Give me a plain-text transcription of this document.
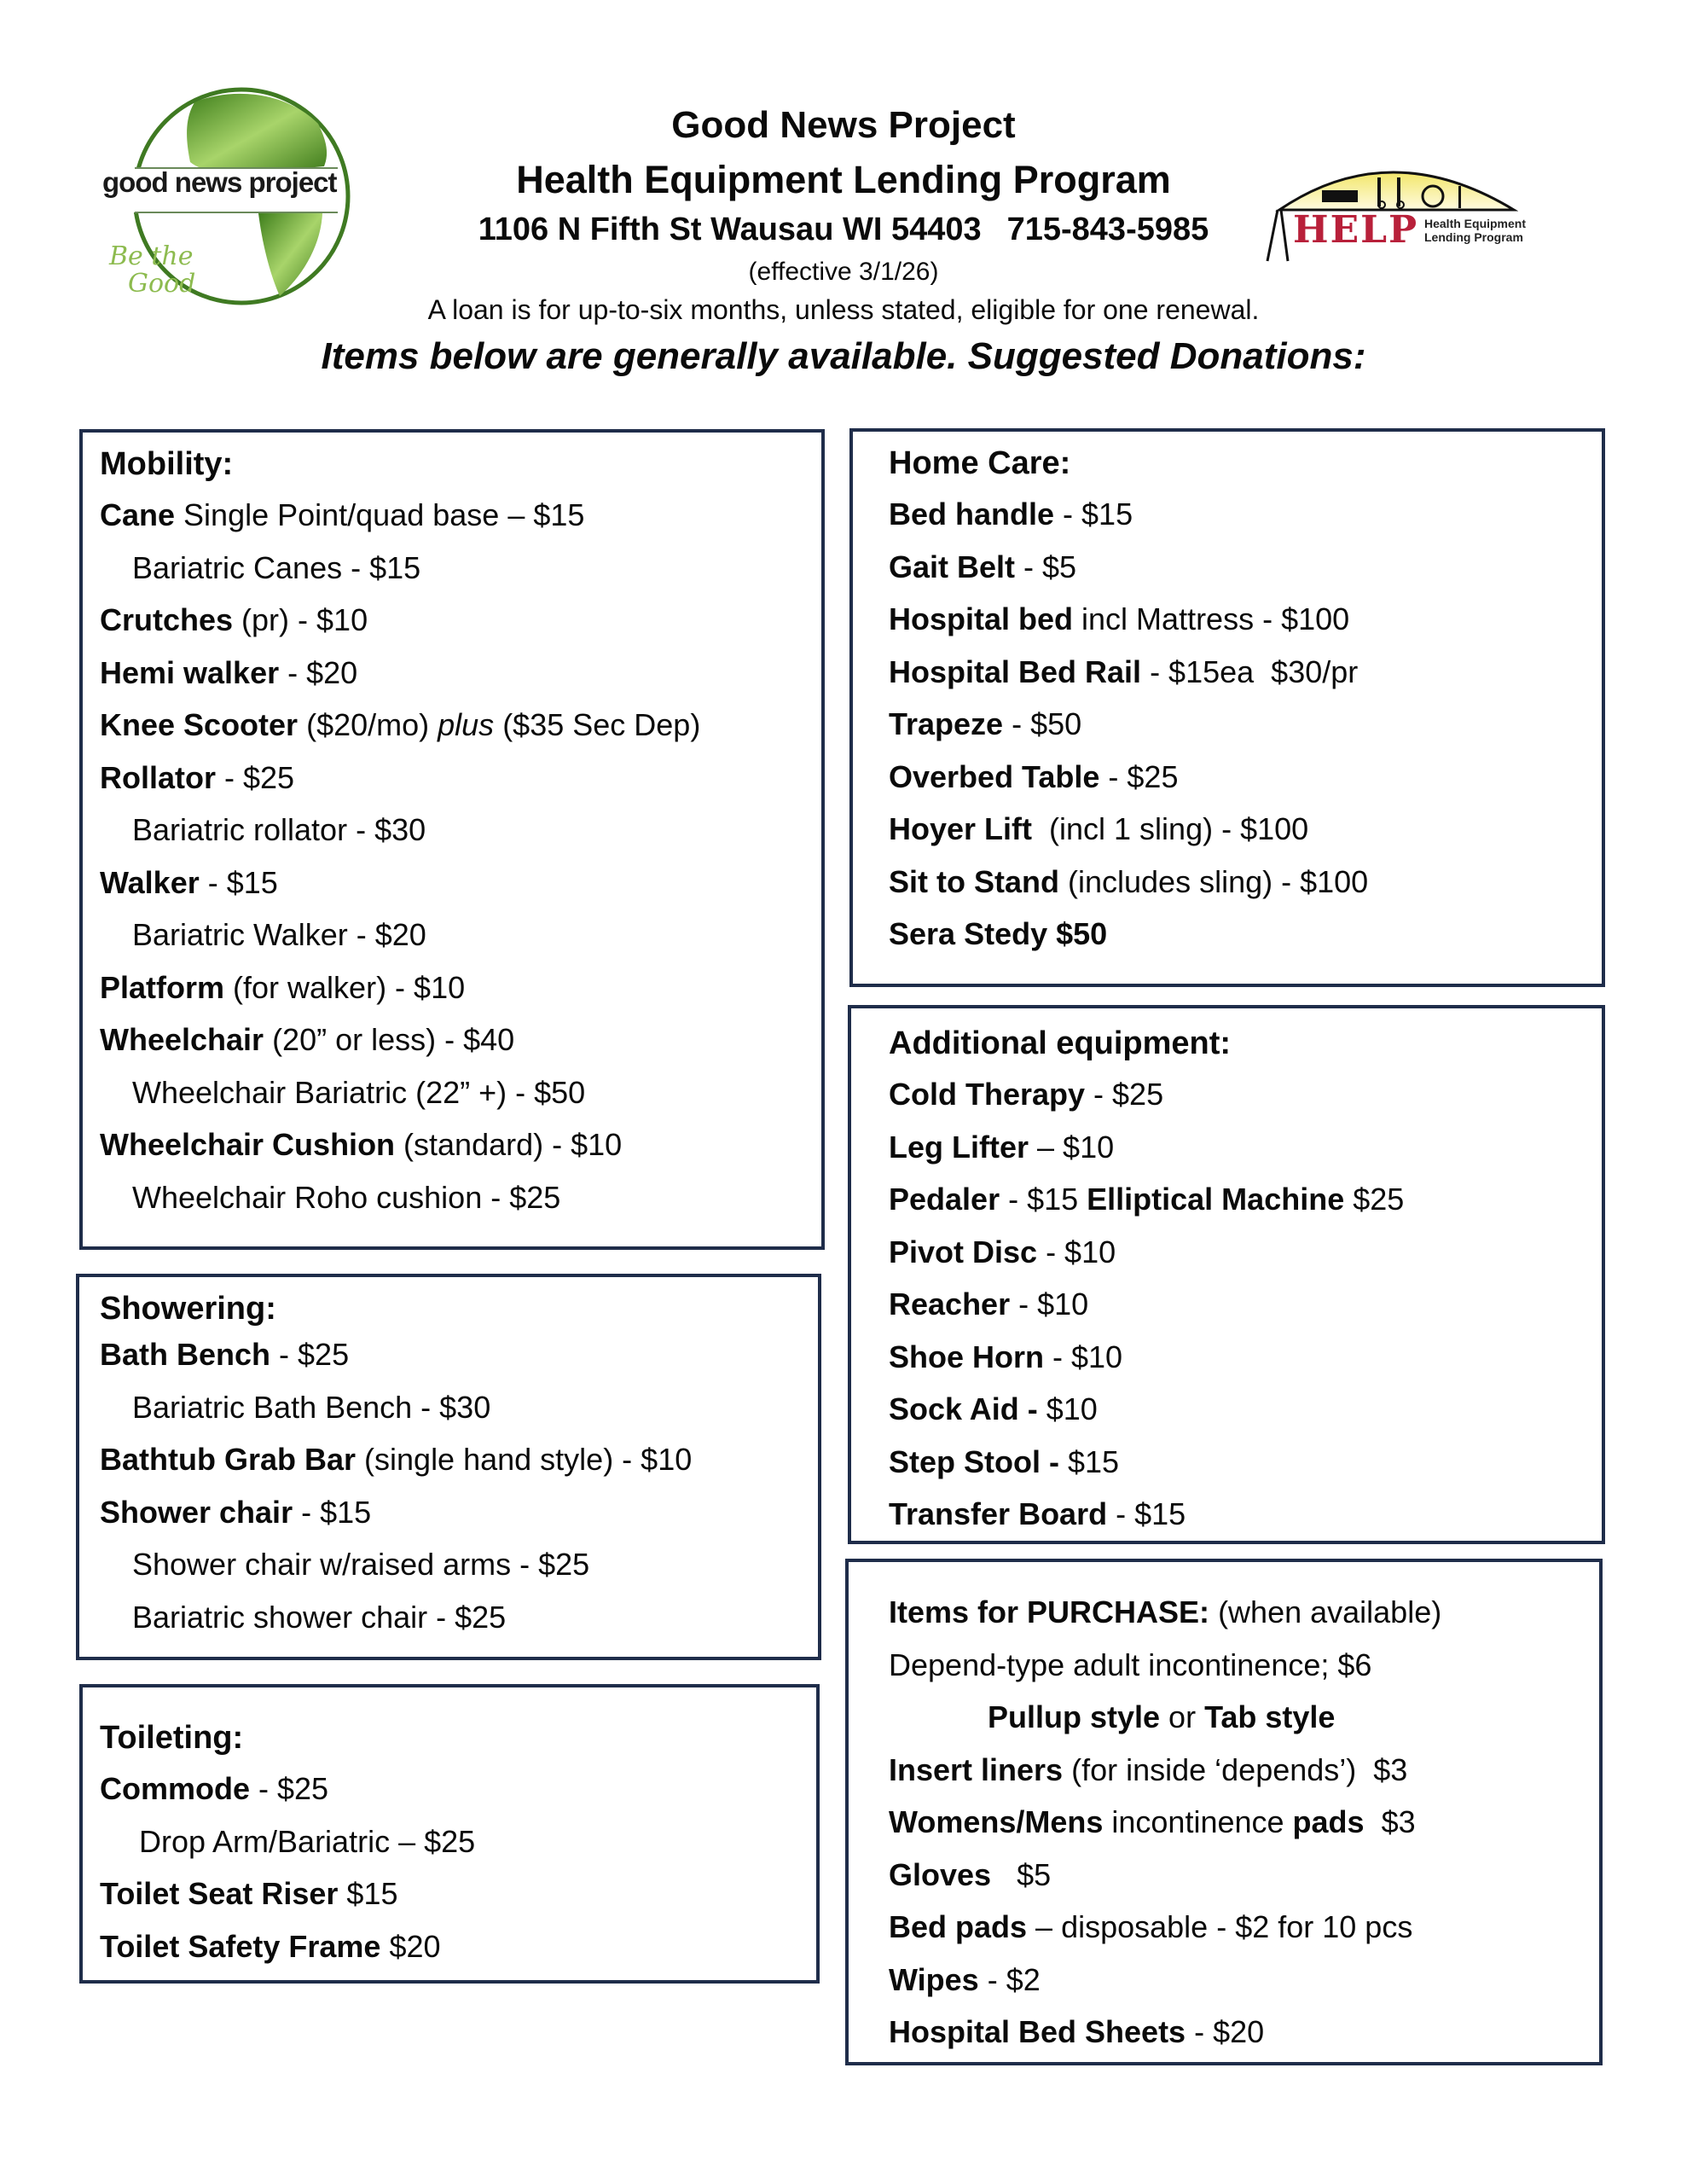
good news project
Be the
Good
HELP Health Equipment
Lending Program
Good News Project
Health Equipment Lending Program
1106 N Fifth St Wausau WI 54403 715-843-5985
(effective 3/1/26)
A loan is for up-to-six months, unless stated, eligible for one renewal.
Items below are generally available. Suggested Donations:
Mobility:
Cane Single Point/quad base – $15
Bariatric Canes - $15
Crutches (pr) - $10
Hemi walker - $20
Knee Scooter ($20/mo) plus ($35 Sec Dep)
Rollator - $25
Bariatric rollator - $30
Walker - $15
Bariatric Walker - $20
Platform (for walker) - $10
Wheelchair (20” or less) - $40
Wheelchair Bariatric (22” +) - $50
Wheelchair Cushion (standard) - $10
Wheelchair Roho cushion - $25
Showering:
Bath Bench - $25
Bariatric Bath Bench - $30
Bathtub Grab Bar (single hand style) - $10
Shower chair - $15
Shower chair w/raised arms - $25
Bariatric shower chair - $25
Toileting:
Commode - $25
Drop Arm/Bariatric – $25
Toilet Seat Riser $15
Toilet Safety Frame $20
Home Care:
Bed handle - $15
Gait Belt - $5
Hospital bed incl Mattress - $100
Hospital Bed Rail - $15ea  $30/pr
Trapeze - $50
Overbed Table - $25
Hoyer Lift  (incl 1 sling) - $100
Sit to Stand (includes sling) - $100
Sera Stedy $50
Additional equipment:
Cold Therapy - $25
Leg Lifter – $10
Pedaler - $15 Elliptical Machine $25
Pivot Disc - $10
Reacher - $10
Shoe Horn - $10
Sock Aid - $10
Step Stool - $15
Transfer Board - $15
Items for PURCHASE: (when available)
Depend-type adult incontinence; $6
Pullup style or Tab style
Insert liners (for inside ‘depends’)  $3
Womens/Mens incontinence pads  $3
Gloves   $5
Bed pads – disposable - $2 for 10 pcs
Wipes - $2
Hospital Bed Sheets - $20
